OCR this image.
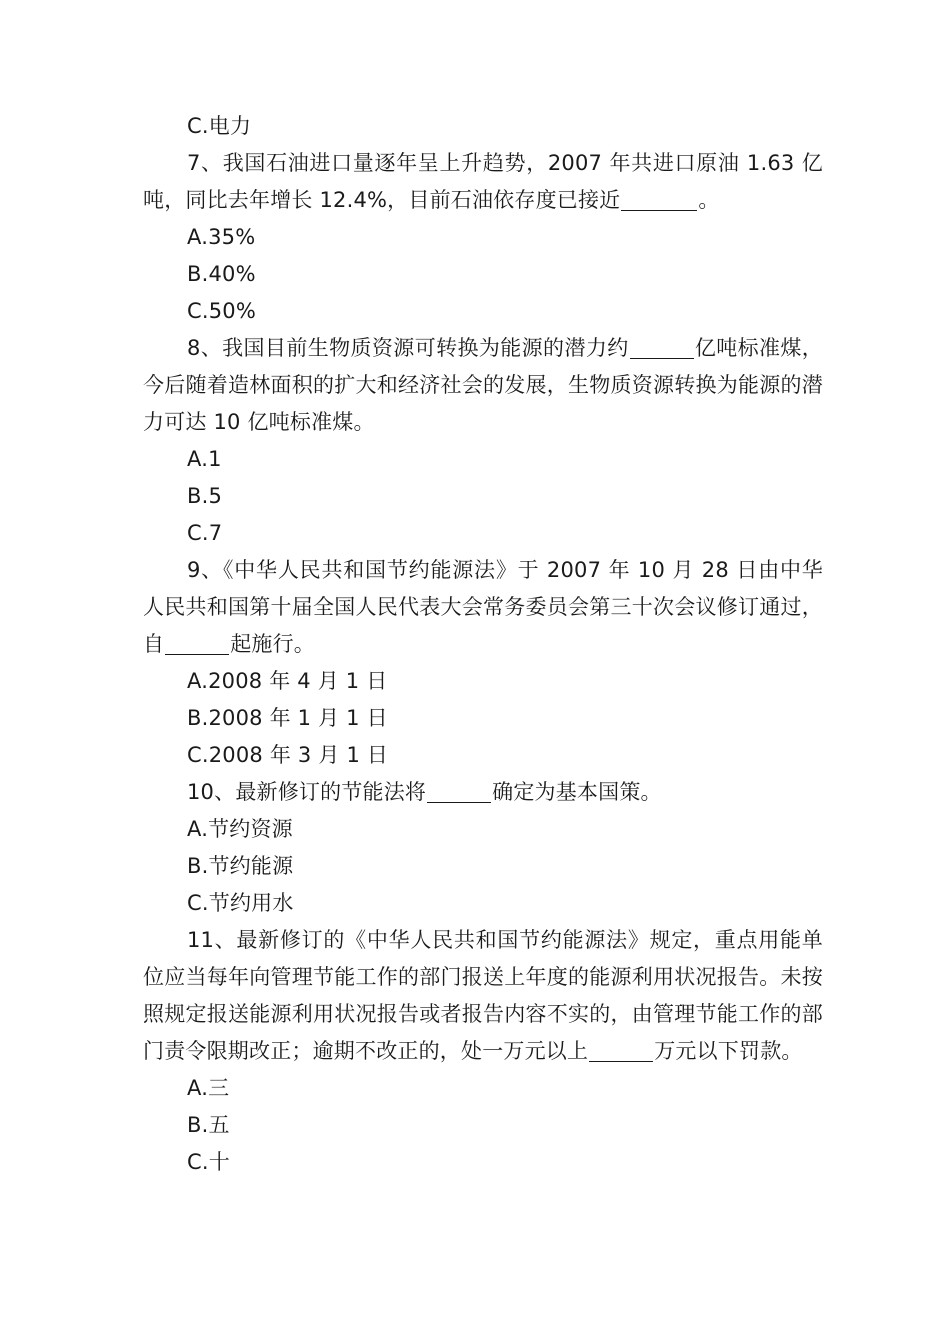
C.电力

7、我国石油进口量逐年呈上升趋势，2007 年共进口原油 1.63 亿吨，同比去年增长 12.4%，目前石油依存度已接近	。

A.35%

B.40%

C.50%

8、我国目前生物质资源可转换为能源的潜力约	亿吨标准煤，今后随着造林面积的扩大和经济社会的发展，生物质资源转换为能源的潜力可达 10 亿吨标准煤。

A.1

B.5

C.7

9、《中华人民共和国节约能源法》于 2007 年 10 月 28 日由中华人民共和国第十届全国人民代表大会常务委员会第三十次会议修订通过，自	起施行。

A.2008 年 4 月 1 日

B.2008 年 1 月 1 日

C.2008 年 3 月 1 日

10、最新修订的节能法将	确定为基本国策。

A.节约资源

B.节约能源

C.节约用水

11、最新修订的《中华人民共和国节约能源法》规定，重点用能单位应当每年向管理节能工作的部门报送上年度的能源利用状况报告。未按照规定报送能源利用状况报告或者报告内容不实的，由管理节能工作的部门责令限期改正；逾期不改正的，处一万元以上	万元以下罚款。

A.三

B.五

C.十
